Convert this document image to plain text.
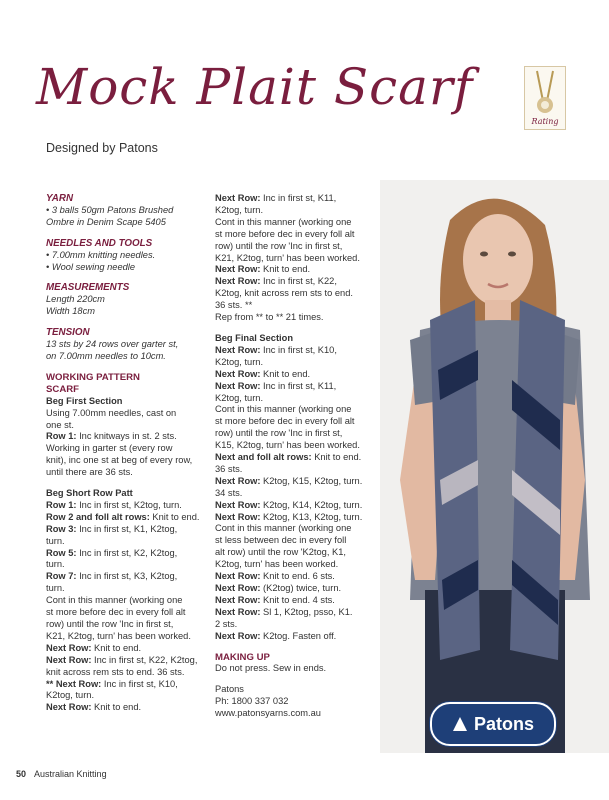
Mock Plait Scarf
Designed by Patons
Rating
YARN
• 3 balls 50gm Patons Brushed
Ombre in Denim Scape 5405
NEEDLES AND TOOLS
• 7.00mm knitting needles.
• Wool sewing needle
MEASUREMENTS
Length 220cm
Width 18cm
TENSION
13 sts by 24 rows over garter st,
on 7.00mm needles to 10cm.
WORKING PATTERN
SCARF
Beg First Section
Using 7.00mm needles, cast on
one st.
Row 1: Inc knitways in st. 2 sts.
Working in garter st (every row
knit), inc one st at beg of every row,
until there are 36 sts.
Beg Short Row Patt
Row 1: Inc in first st, K2tog, turn.
Row 2 and foll alt rows: Knit to end.
Row 3: Inc in first st, K1, K2tog,
turn.
Row 5: Inc in first st, K2, K2tog,
turn.
Row 7: Inc in first st, K3, K2tog,
turn.
Cont in this manner (working one
st more before dec in every foll alt
row) until the row 'Inc in first st,
K21, K2tog, turn' has been worked.
Next Row: Knit to end.
Next Row: Inc in first st, K22, K2tog,
knit across rem sts to end. 36 sts.
** Next Row: Inc in first st, K10,
K2tog, turn.
Next Row: Knit to end.
Next Row: Inc in first st, K11,
K2tog, turn.
Cont in this manner (working one
st more before dec in every foll alt
row) until the row 'Inc in first st,
K21, K2tog, turn' has been worked.
Next Row: Knit to end.
Next Row: Inc in first st, K22,
K2tog, knit across rem sts to end.
36 sts. **
Rep from ** to ** 21 times.
Beg Final Section
Next Row: Inc in first st, K10,
K2tog, turn.
Next Row: Knit to end.
Next Row: Inc in first st, K11,
K2tog, turn.
Cont in this manner (working one
st more before dec in every foll alt
row) until the row 'Inc in first st,
K15, K2tog, turn' has been worked.
Next and foll alt rows: Knit to end.
36 sts.
Next Row: K2tog, K15, K2tog, turn.
34 sts.
Next Row: K2tog, K14, K2tog, turn.
Next Row: K2tog, K13, K2tog, turn.
Cont in this manner (working one
st less between dec in every foll
alt row) until the row 'K2tog, K1,
K2tog, turn' has been worked.
Next Row: Knit to end. 6 sts.
Next Row: (K2tog) twice, turn.
Next Row: Knit to end. 4 sts.
Next Row: Sl 1, K2tog, psso, K1.
2 sts.
Next Row: K2tog. Fasten off.
MAKING UP
Do not press. Sew in ends.
Patons
Ph: 1800 337 032
www.patonsyarns.com.au
Patons
50 Australian Knitting
PassionForum.ru
